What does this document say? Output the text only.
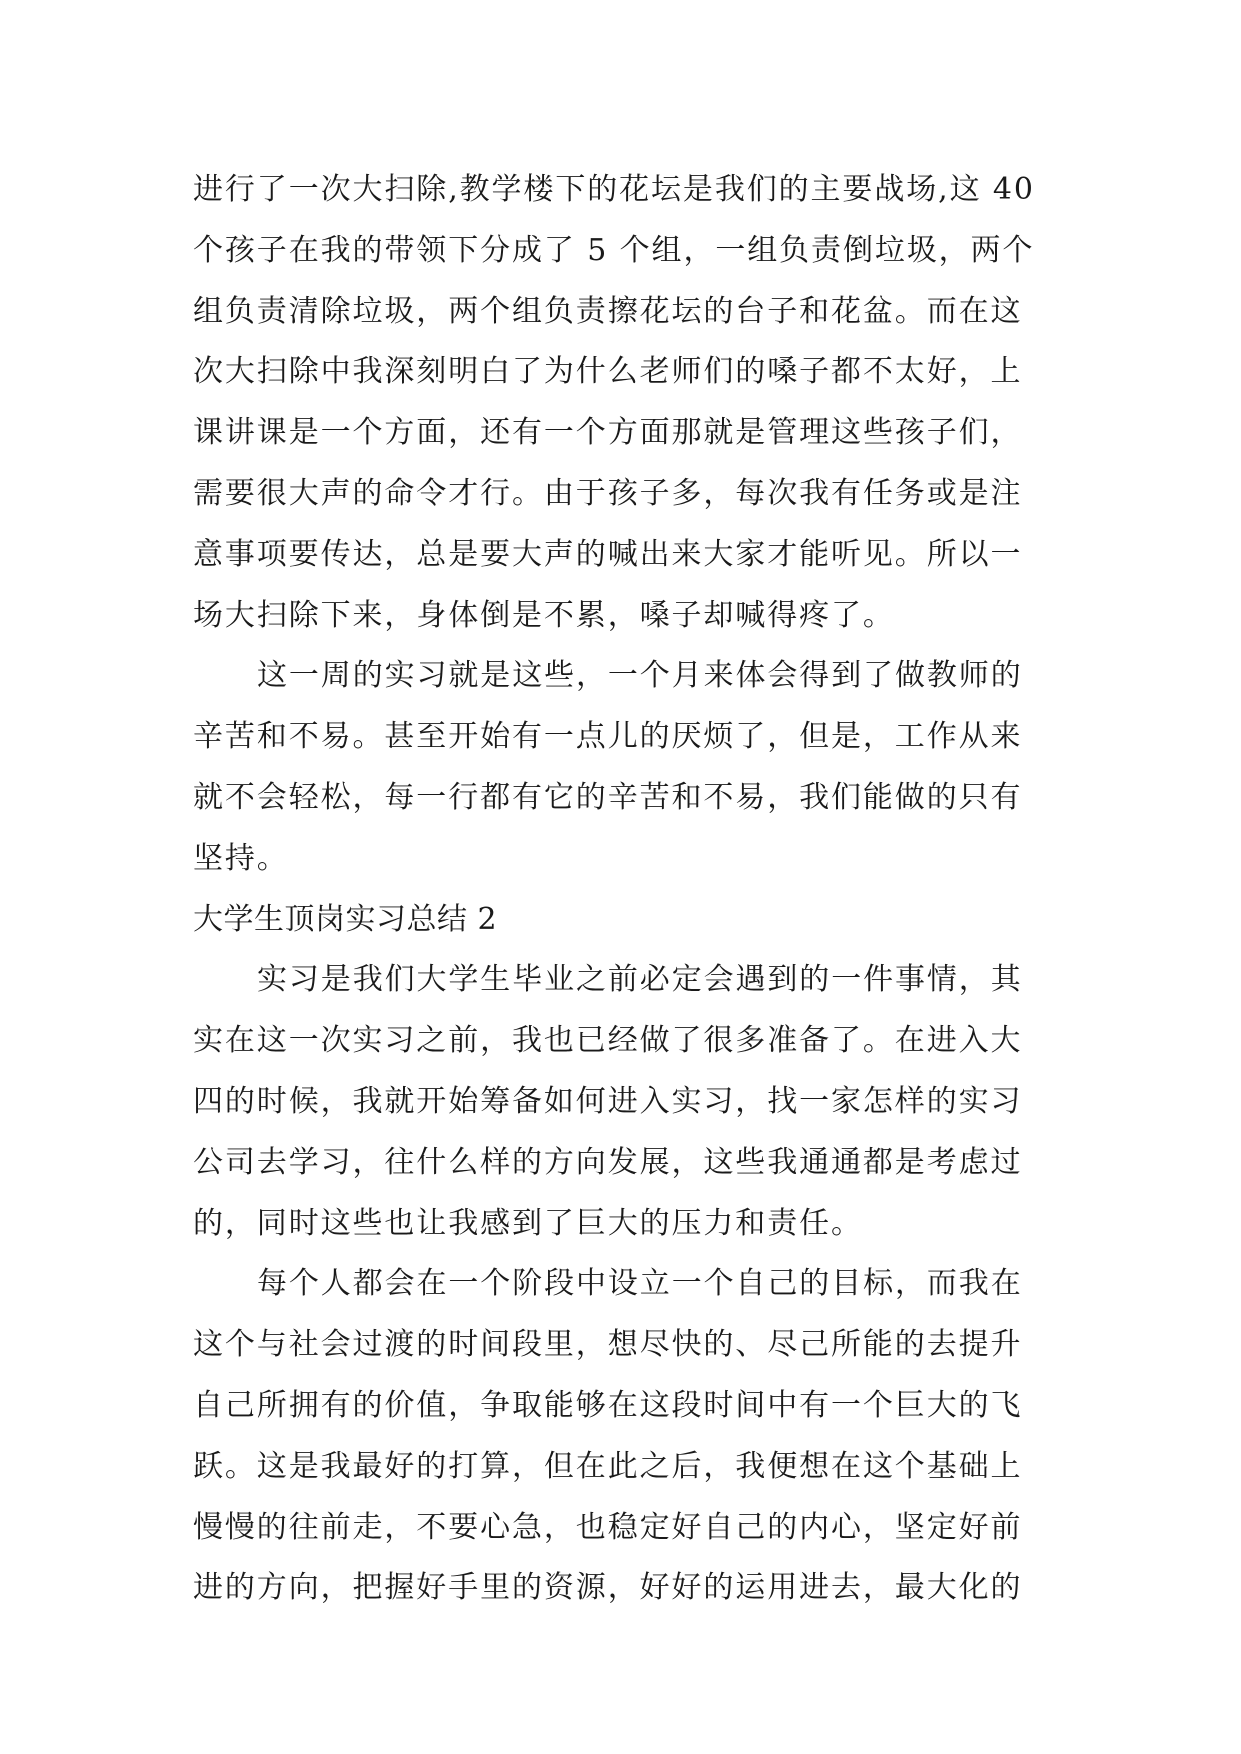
进行了一次大扫除,教学楼下的花坛是我们的主要战场,这 40
个孩子在我的带领下分成了 5 个组，一组负责倒垃圾，两个
组负责清除垃圾，两个组负责擦花坛的台子和花盆。而在这
次大扫除中我深刻明白了为什么老师们的嗓子都不太好，上
课讲课是一个方面，还有一个方面那就是管理这些孩子们，
需要很大声的命令才行。由于孩子多，每次我有任务或是注
意事项要传达，总是要大声的喊出来大家才能听见。所以一
场大扫除下来，身体倒是不累，嗓子却喊得疼了。
这一周的实习就是这些，一个月来体会得到了做教师的
辛苦和不易。甚至开始有一点儿的厌烦了，但是，工作从来
就不会轻松，每一行都有它的辛苦和不易，我们能做的只有
坚持。
大学生顶岗实习总结 2
实习是我们大学生毕业之前必定会遇到的一件事情，其
实在这一次实习之前，我也已经做了很多准备了。在进入大
四的时候，我就开始筹备如何进入实习，找一家怎样的实习
公司去学习，往什么样的方向发展，这些我通通都是考虑过
的，同时这些也让我感到了巨大的压力和责任。
每个人都会在一个阶段中设立一个自己的目标，而我在
这个与社会过渡的时间段里，想尽快的、尽己所能的去提升
自己所拥有的价值，争取能够在这段时间中有一个巨大的飞
跃。这是我最好的打算，但在此之后，我便想在这个基础上
慢慢的往前走，不要心急，也稳定好自己的内心，坚定好前
进的方向，把握好手里的资源，好好的运用进去，最大化的
